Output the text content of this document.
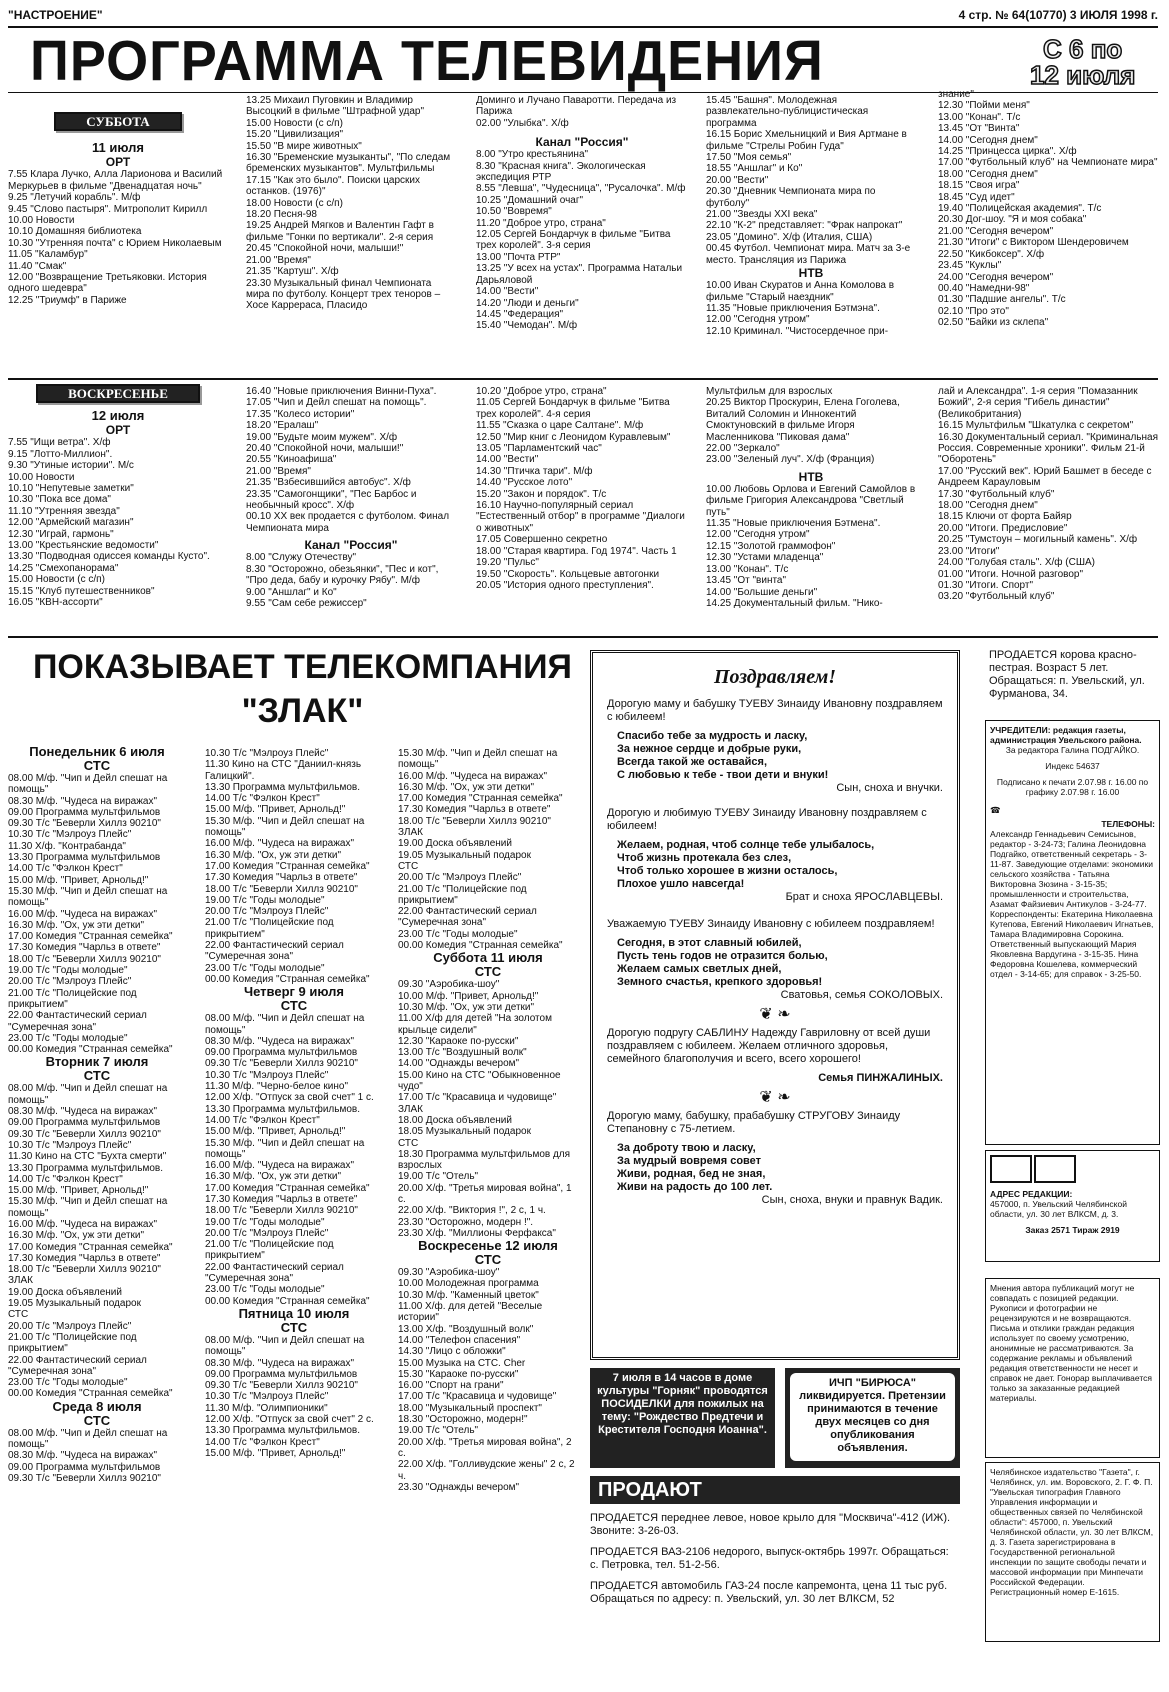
"НАСТРОЕНИЕ"	4 стр. № 64(10770) 3 ИЮЛЯ 1998 г.
ПРОГРАММА ТЕЛЕВИДЕНИЯ	С 6 по
12 июля
СУББОТА
11 июля
ОРТ
7.55 Клара Лучко, Алла Ларионова и Василий Меркурьев в фильме "Двенадцатая ночь"
9.25 "Летучий корабль". М/ф
9.45 "Слово пастыря". Митрополит Кирилл
10.00 Новости
10.10 Домашняя библиотека
10.30 "Утренняя почта" с Юрием Николаевым
11.05 "Каламбур"
11.40 "Смак"
12.00 "Возвращение Третьяковки. История одного шедевра"
12.25 "Триумф" в Париже
13.25 Михаил Пуговкин и Владимир Высоцкий в фильме "Штрафной удар"
15.00 Новости (с с/п)
15.20 "Цивилизация"
15.50 "В мире животных"
16.30 "Бременские музыканты", "По следам бременских музыкантов". Мультфильмы
17.15 "Как это было". Поиски царских останков. (1976)"
18.00 Новости (с с/п)
18.20 Песня-98
19.25 Андрей Мягков и Валентин Гафт в фильме "Гонки по вертикали". 2-я серия
20.45 "Спокойной ночи, малыши!"
21.00 "Время"
21.35 "Картуш". Х/ф
23.30 Музыкальный финал Чемпионата мира по футболу. Концерт трех теноров – Хосе Каррераса, Пласидо
Доминго и Лучано Паваротти. Передача из Парижа
02.00 "Улыбка". Х/ф
Канал "Россия"
8.00 "Утро крестьянина"
8.30 "Красная книга". Экологическая экспедиция РТР
8.55 "Левша", "Чудесница", "Русалочка". М/ф
10.25 "Домашний очаг"
10.50 "Вовремя"
11.20 "Доброе утро, страна"
12.05 Сергей Бондарчук в фильме "Битва трех королей". 3-я серия
13.00 "Почта РТР"
13.25 "У всех на устах". Программа Натальи Дарьяловой
14.00 "Вести"
14.20 "Люди и деньги"
14.45 "Федерация"
15.40 "Чемодан". М/ф
15.45 "Башня". Молодежная развлекательно-публицистическая программа
16.15 Борис Хмельницкий и Вия Артмане в фильме "Стрелы Робин Гуда"
17.50 "Моя семья"
18.55 "Аншлаг" и Ко"
20.00 "Вести"
20.30 "Дневник Чемпионата мира по футболу"
21.00 "Звезды XXI века"
22.10 "К-2" представляет: "Фрак напрокат"
23.05 "Домино". Х/ф (Италия, США)
00.45 Футбол. Чемпионат мира. Матч за 3-е место. Трансляция из Парижа
НТВ
10.00 Иван Скуратов и Анна Комолова в фильме "Старый наездник"
11.35 "Новые приключения Бэтмэна".
12.00 "Сегодня утром"
12.10 Криминал. "Чистосердечное при-
знание"
12.30 "Пойми меня"
13.00 "Конан". Т/с
13.45 "От "Винта"
14.00 "Сегодня днем"
14.25 "Принцесса цирка". Х/ф
17.00 "Футбольный клуб" на Чемпионате мира"
18.00 "Сегодня днем"
18.15 "Своя игра"
18.45 "Суд идет"
19.40 "Полицейская академия". Т/с
20.30 Дог-шоу. "Я и моя собака"
21.00 "Сегодня вечером"
21.30 "Итоги" с Виктором Шендеровичем
22.50 "Кикбоксер". Х/ф
23.45 "Куклы"
24.00 "Сегодня вечером"
00.40 "Намедни-98"
01.30 "Падшие ангелы". Т/с
02.10 "Про это"
02.50 "Байки из склепа"
ВОСКРЕСЕНЬЕ
12 июля
ОРТ
7.55 "Ищи ветра". Х/ф
9.15 "Лотто-Миллион".
9.30 "Утиные истории". М/с
10.00 Новости
10.10 "Непутевые заметки"
10.30 "Пока все дома"
11.10 "Утренняя звезда"
12.00 "Армейский магазин"
12.30 "Играй, гармонь"
13.00 "Крестьянские ведомости"
13.30 "Подводная одиссея команды Кусто".
14.25 "Смехопанорама"
15.00 Новости (с с/п)
15.15 "Клуб путешественников"
16.05 "КВН-ассорти"
16.40 "Новые приключения Винни-Пуха".
17.05 "Чип и Дейл спешат на помощь".
17.35 "Колесо истории"
18.20 "Ералаш"
19.00 "Будьте моим мужем". Х/ф
20.40 "Спокойной ночи, малыши!"
20.55 "Киноафиша"
21.00 "Время"
21.35 "Взбесившийся автобус". Х/ф
23.35 "Самогонщики", "Пес Барбос и необычный кросс". Х/ф
00.10 ХХ век продается с футболом. Финал Чемпионата мира
Канал "Россия"
8.00 "Служу Отечеству"
8.30 "Осторожно, обезьянки", "Пес и кот", "Про деда, бабу и курочку Рябу". М/ф
9.00 "Аншлаг" и Ко"
9.55 "Сам себе режиссер"
10.20 "Доброе утро, страна"
11.05 Сергей Бондарчук в фильме "Битва трех королей". 4-я серия
11.55 "Сказка о царе Салтане". М/ф
12.50 "Мир книг с Леонидом Куравлевым"
13.05 "Парламентский час"
14.00 "Вести"
14.30 "Птичка тари". М/ф
14.40 "Русское лото"
15.20 "Закон и порядок". Т/с
16.10 Научно-популярный сериал "Естественный отбор" в программе "Диалоги о животных"
17.05 Совершенно секретно
18.00 "Старая квартира. Год 1974". Часть 1
19.20 "Пульс"
19.50 "Скорость". Кольцевые автогонки
20.05 "История одного преступления".
Мультфильм для взрослых
20.25 Виктор Проскурин, Елена Гоголева, Виталий Соломин и Иннокентий Смоктуновский в фильме Игоря Масленникова "Пиковая дама"
22.00 "Зеркало"
23.00 "Зеленый луч". Х/ф (Франция)
НТВ
10.00 Любовь Орлова и Евгений Самойлов в фильме Григория Александрова "Светлый путь"
11.35 "Новые приключения Бэтмена".
12.00 "Сегодня утром"
12.15 "Золотой граммофон"
12.30 "Устами младенца"
13.00 "Конан". Т/с
13.45 "От "винта"
14.00 "Большие деньги"
14.25 Документальный фильм. "Нико-
лай и Александра". 1-я серия "Помазанник Божий", 2-я серия "Гибель династии" (Великобритания)
16.15 Мультфильм "Шкатулка с секретом"
16.30 Документальный сериал. "Криминальная Россия. Современные хроники". Фильм 21-й "Оборотень"
17.00 "Русский век". Юрий Башмет в беседе с Андреем Карауловым
17.30 "Футбольный клуб"
18.00 "Сегодня днем"
18.15 Ключи от форта Байяр
20.00 "Итоги. Предисловие"
20.25 "Тумстоун – могильный камень". Х/ф
23.00 "Итоги"
24.00 "Голубая сталь". Х/ф (США)
01.00 "Итоги. Ночной разговор"
01.30 "Итоги. Спорт"
03.20 "Футбольный клуб"
ПОКАЗЫВАЕТ ТЕЛЕКОМПАНИЯ
"ЗЛАК"
Понедельник 6 июля
СТС
08.00 М/ф. "Чип и Дейл спешат на помощь"
08.30 М/ф. "Чудеса на виражах"
09.00 Программа мультфильмов
09.30 Т/с "Беверли Хиллз 90210"
10.30 Т/с "Мэлроуз Плейс"
11.30 Х/ф. "Контрабанда"
13.30 Программа мультфильмов
14.00 Т/с "Фэлкон Крест"
15.00 М/ф. "Привет, Арнольд!"
15.30 М/ф. "Чип и Дейл спешат на помощь"
16.00 М/ф. "Чудеса на виражах"
16.30 М/ф. "Ох, уж эти детки"
17.00 Комедия "Странная семейка"
17.30 Комедия "Чарльз в ответе"
18.00 Т/с "Беверли Хиллз 90210"
19.00 Т/с "Годы молодые"
20.00 Т/с "Мэлроуз Плейс"
21.00 Т/с "Полицейские под прикрытием"
22.00 Фантастический сериал "Сумеречная зона"
23.00 Т/с "Годы молодые"
00.00 Комедия "Странная семейка"
Вторник 7 июля
СТС
08.00 М/ф. "Чип и Дейл спешат на помощь"
08.30 М/ф. "Чудеса на виражах"
09.00 Программа мультфильмов
09.30 Т/с "Беверли Хиллз 90210"
10.30 Т/с "Мэлроуз Плейс"
11.30 Кино на СТС "Бухта смерти"
13.30 Программа мультфильмов.
14.00 Т/с "Фэлкон Крест"
15.00 М/ф. "Привет, Арнольд!"
15.30 М/ф. "Чип и Дейл спешат на помощь"
16.00 М/ф. "Чудеса на виражах"
16.30 М/ф. "Ох, уж эти детки"
17.00 Комедия "Странная семейка"
17.30 Комедия "Чарльз в ответе"
18.00 Т/с "Беверли Хиллз 90210"
ЗЛАК
19.00 Доска объявлений
19.05 Музыкальный подарок
СТС
20.00 Т/с "Мэлроуз Плейс"
21.00 Т/с "Полицейские под прикрытием"
22.00 Фантастический сериал "Сумеречная зона"
23.00 Т/с "Годы молодые"
00.00 Комедия "Странная семейка"
Среда 8 июля
СТС
08.00 М/ф. "Чип и Дейл спешат на помощь"
08.30 М/ф. "Чудеса на виражах"
09.00 Программа мультфильмов
09.30 Т/с "Беверли Хиллз 90210"
10.30 Т/с "Мэлроуз Плейс"
11.30 Кино на СТС "Даниил-князь Галицкий".
13.30 Программа мультфильмов.
14.00 Т/с "Фэлкон Крест"
15.00 М/ф. "Привет, Арнольд!"
15.30 М/ф. "Чип и Дейл спешат на помощь"
16.00 М/ф. "Чудеса на виражах"
16.30 М/ф. "Ох, уж эти детки"
17.00 Комедия "Странная семейка"
17.30 Комедия "Чарльз в ответе"
18.00 Т/с "Беверли Хиллз 90210"
19.00 Т/с "Годы молодые"
20.00 Т/с "Мэлроуз Плейс"
21.00 Т/с "Полицейские под прикрытием"
22.00 Фантастический сериал "Сумеречная зона"
23.00 Т/с "Годы молодые"
00.00 Комедия "Странная семейка"
Четверг 9 июля
СТС
08.00 М/ф. "Чип и Дейл спешат на помощь"
08.30 М/ф. "Чудеса на виражах"
09.00 Программа мультфильмов
09.30 Т/с "Беверли Хиллз 90210"
10.30 Т/с "Мэлроуз Плейс"
11.30 М/ф. "Черно-белое кино"
12.00 Х/ф. "Отпуск за свой счет" 1 с.
13.30 Программа мультфильмов.
14.00 Т/с "Фэлкон Крест"
15.00 М/ф. "Привет, Арнольд!"
15.30 М/ф. "Чип и Дейл спешат на помощь"
16.00 М/ф. "Чудеса на виражах"
16.30 М/ф. "Ох, уж эти детки"
17.00 Комедия "Странная семейка"
17.30 Комедия "Чарльз в ответе"
18.00 Т/с "Беверли Хиллз 90210"
19.00 Т/с "Годы молодые"
20.00 Т/с "Мэлроуз Плейс"
21.00 Т/с "Полицейские под прикрытием"
22.00 Фантастический сериал "Сумеречная зона"
23.00 Т/с "Годы молодые"
00.00 Комедия "Странная семейка"
Пятница 10 июля
СТС
08.00 М/ф. "Чип и Дейл спешат на помощь"
08.30 М/ф. "Чудеса на виражах"
09.00 Программа мультфильмов
09.30 Т/с "Беверли Хиллз 90210"
10.30 Т/с "Мэлроуз Плейс"
11.30 М/ф. "Олимпионики"
12.00 Х/ф. "Отпуск за свой счет" 2 с.
13.30 Программа мультфильмов.
14.00 Т/с "Фэлкон Крест"
15.00 М/ф. "Привет, Арнольд!"
15.30 М/ф. "Чип и Дейл спешат на помощь"
16.00 М/ф. "Чудеса на виражах"
16.30 М/ф. "Ох, уж эти детки"
17.00 Комедия "Странная семейка"
17.30 Комедия "Чарльз в ответе"
18.00 Т/с "Беверли Хиллз 90210"
ЗЛАК
19.00 Доска объявлений
19.05 Музыкальный подарок
СТС
20.00 Т/с "Мэлроуз Плейс"
21.00 Т/с "Полицейские под прикрытием"
22.00 Фантастический сериал "Сумеречная зона"
23.00 Т/с "Годы молодые"
00.00 Комедия "Странная семейка"
Суббота 11 июля
СТС
09.30 "Аэробика-шоу"
10.00 М/ф. "Привет, Арнольд!"
10.30 М/ф. "Ох, уж эти детки"
11.00 Х/ф для детей "На золотом крыльце сидели"
12.30 "Караоке по-русски"
13.00 Т/с "Воздушный волк"
14.00 "Однажды вечером"
15.00 Кино на СТС "Обыкновенное чудо"
17.00 Т/с "Красавица и чудовище"
ЗЛАК
18.00 Доска объявлений
18.05 Музыкальный подарок
СТС
18.30 Программа мультфильмов для взрослых
19.00 Т/с "Отель"
20.00 Х/ф. "Третья мировая война", 1 с.
22.00 Х/ф. "Виктория !", 2 с, 1 ч.
23.30 "Осторожно, модерн !".
23.30 Х/ф. "Миллионы Ферфакса"
Воскресенье 12 июля
СТС
09.30 "Аэробика-шоу"
10.00 Молодежная программа
10.30 М/ф. "Каменный цветок"
11.00 Х/ф. для детей "Веселые истории"
13.00 Х/ф. "Воздушный волк"
14.00 "Телефон спасения"
14.30 "Лицо с обложки"
15.00 Музыка на СТС. Cher
15.30 "Караоке по-русски"
16.00 "Спорт на грани"
17.00 Т/с "Красавица и чудовище"
18.00 "Музыкальный проспект"
18.30 "Осторожно, модерн!"
19.00 Т/с "Отель"
20.00 Х/ф. "Третья мировая война", 2 с.
22.00 Х/ф. "Голливудские жены" 2 с, 2 ч.
23.30 "Однажды вечером"
Поздравляем!
Дорогую маму и бабушку ТУЕВУ Зинаиду Ивановну поздравляем с юбилеем!
Спасибо тебе за мудрость и ласку,
За нежное сердце и добрые руки,
Всегда такой же оставайся,
С любовью к тебе - твои дети и внуки!
Сын, снохa и внучки.
Дорогую и любимую ТУЕВУ Зинаиду Ивановну поздравляем с юбилеем!
Желаем, родная, чтоб солнце тебе улыбалось,
Чтоб жизнь протекала без слез,
Чтоб только хорошее в жизни осталось,
Плохое ушло навсегда!
Брат и снохa ЯРОСЛАВЦЕВЫ.
Уважаемую ТУЕВУ Зинаиду Ивановну с юбилеем поздравляем!
Сегодня, в этот славный юбилей,
Пусть тень годов не отразится болью,
Желаем самых светлых дней,
Земного счастья, крепкого здоровья!
Сватовья, семья СОКОЛОВЫХ.
❦ ❧
Дорогую подругу САБЛИНУ Надежду Гавриловну от всей души поздравляем с юбилеем. Желаем отличного здоровья, семейного благополучия и всего, всего хорошего!
Семья ПИНЖАЛИНЫХ.
❦ ❧
Дорогую маму, бабушку, прабабушку СТРУГОВУ Зинаиду Степановну с 75-летием.
За доброту твою и ласку,
За мудрый вовремя совет
Живи, родная, бед не зная,
Живи на радость до 100 лет.
Сын, снохa, внуки и правнук Вадик.
7 июля в 14 часов в доме культуры "Горняк" проводятся ПОСИДЕЛКИ для пожилых на тему: "Рождество Предтечи и Крестителя Господня Иоанна".
ИЧП "БИРЮСА" ликвидируется. Претензии принимаются в течение двух месяцев со дня опубликования объявления.
ПРОДАЮТ
ПРОДАЕТСЯ переднее левое, новое крыло для "Москвича"-412 (ИЖ). Звоните: 3-26-03.
ПРОДАЕТСЯ ВАЗ-2106 недорого, выпуск-октябрь 1997г. Обращаться: с. Петровка, тел. 51-2-56.
ПРОДАЕТСЯ автомобиль ГАЗ-24 после капремонта, цена 11 тыс руб. Обращаться по адресу: п. Увельский, ул. 30 лет ВЛКСМ, 52
ПРОДАЕТСЯ корова красно-пестрая. Возраст 5 лет. Обращаться: п. Увельский, ул. Фурманова, 34.
УЧРЕДИТЕЛИ: редакция газеты, администрация Увельского района.
За редактора Галина ПОДГАЙКО.
Индекс 54637
Подписано к печати 2.07.98 г. 16.00 по графику 2.07.98 г. 16.00
☎
ТЕЛЕФОНЫ:
Александр Геннадьевич Семисынов, редактор - 3-24-73; Галина Леонидовна Подгайко, ответственный секретарь - 3-11-87. Заведующие отделами: экономики сельского хозяйства - Татьяна Викторовна Зюзина - 3-15-35; промышленности и строительства, Азамат Файзиевич Антикулов - 3-24-77. Корреспонденты: Екатерина Николаевна Кутепова, Евгений Николаевич Игнатьев, Тамара Владимировна Сорокина. Ответственный выпускающий Мария Яковлевна Вардугина - 3-15-35. Нина Федоровна Кошелева, коммерческий отдел - 3-14-65; для справок - 3-25-50.

АДРЕС РЕДАКЦИИ:
457000, п. Увельский Челябинской области, ул. 30 лет ВЛКСМ, д. 3.
Заказ 2571 Тираж 2919
Мнения автора публикаций могут не совпадать с позицией редакции. Рукописи и фотографии не рецензируются и не возвращаются. Письма и отклики граждан редакция использует по своему усмотрению, анонимные не рассматриваются. За содержание рекламы и объявлений редакция ответственности не несет и справок не дает. Гонорар выплачивается только за заказанные редакцией материалы.
Челябинское издательство "Газета", г. Челябинск, ул. им. Воровского, 2. Г. Ф. П. "Увельская типография Главного Управления информации и общественных связей по Челябинской области": 457000, п. Увельский Челябинской области, ул. 30 лет ВЛКСМ, д. 3. Газета зарегистрирована в Государственной региональной инспекции по защите свободы печати и массовой информации при Минпечати Российской Федерации. Регистрационный номер Е-1615.
